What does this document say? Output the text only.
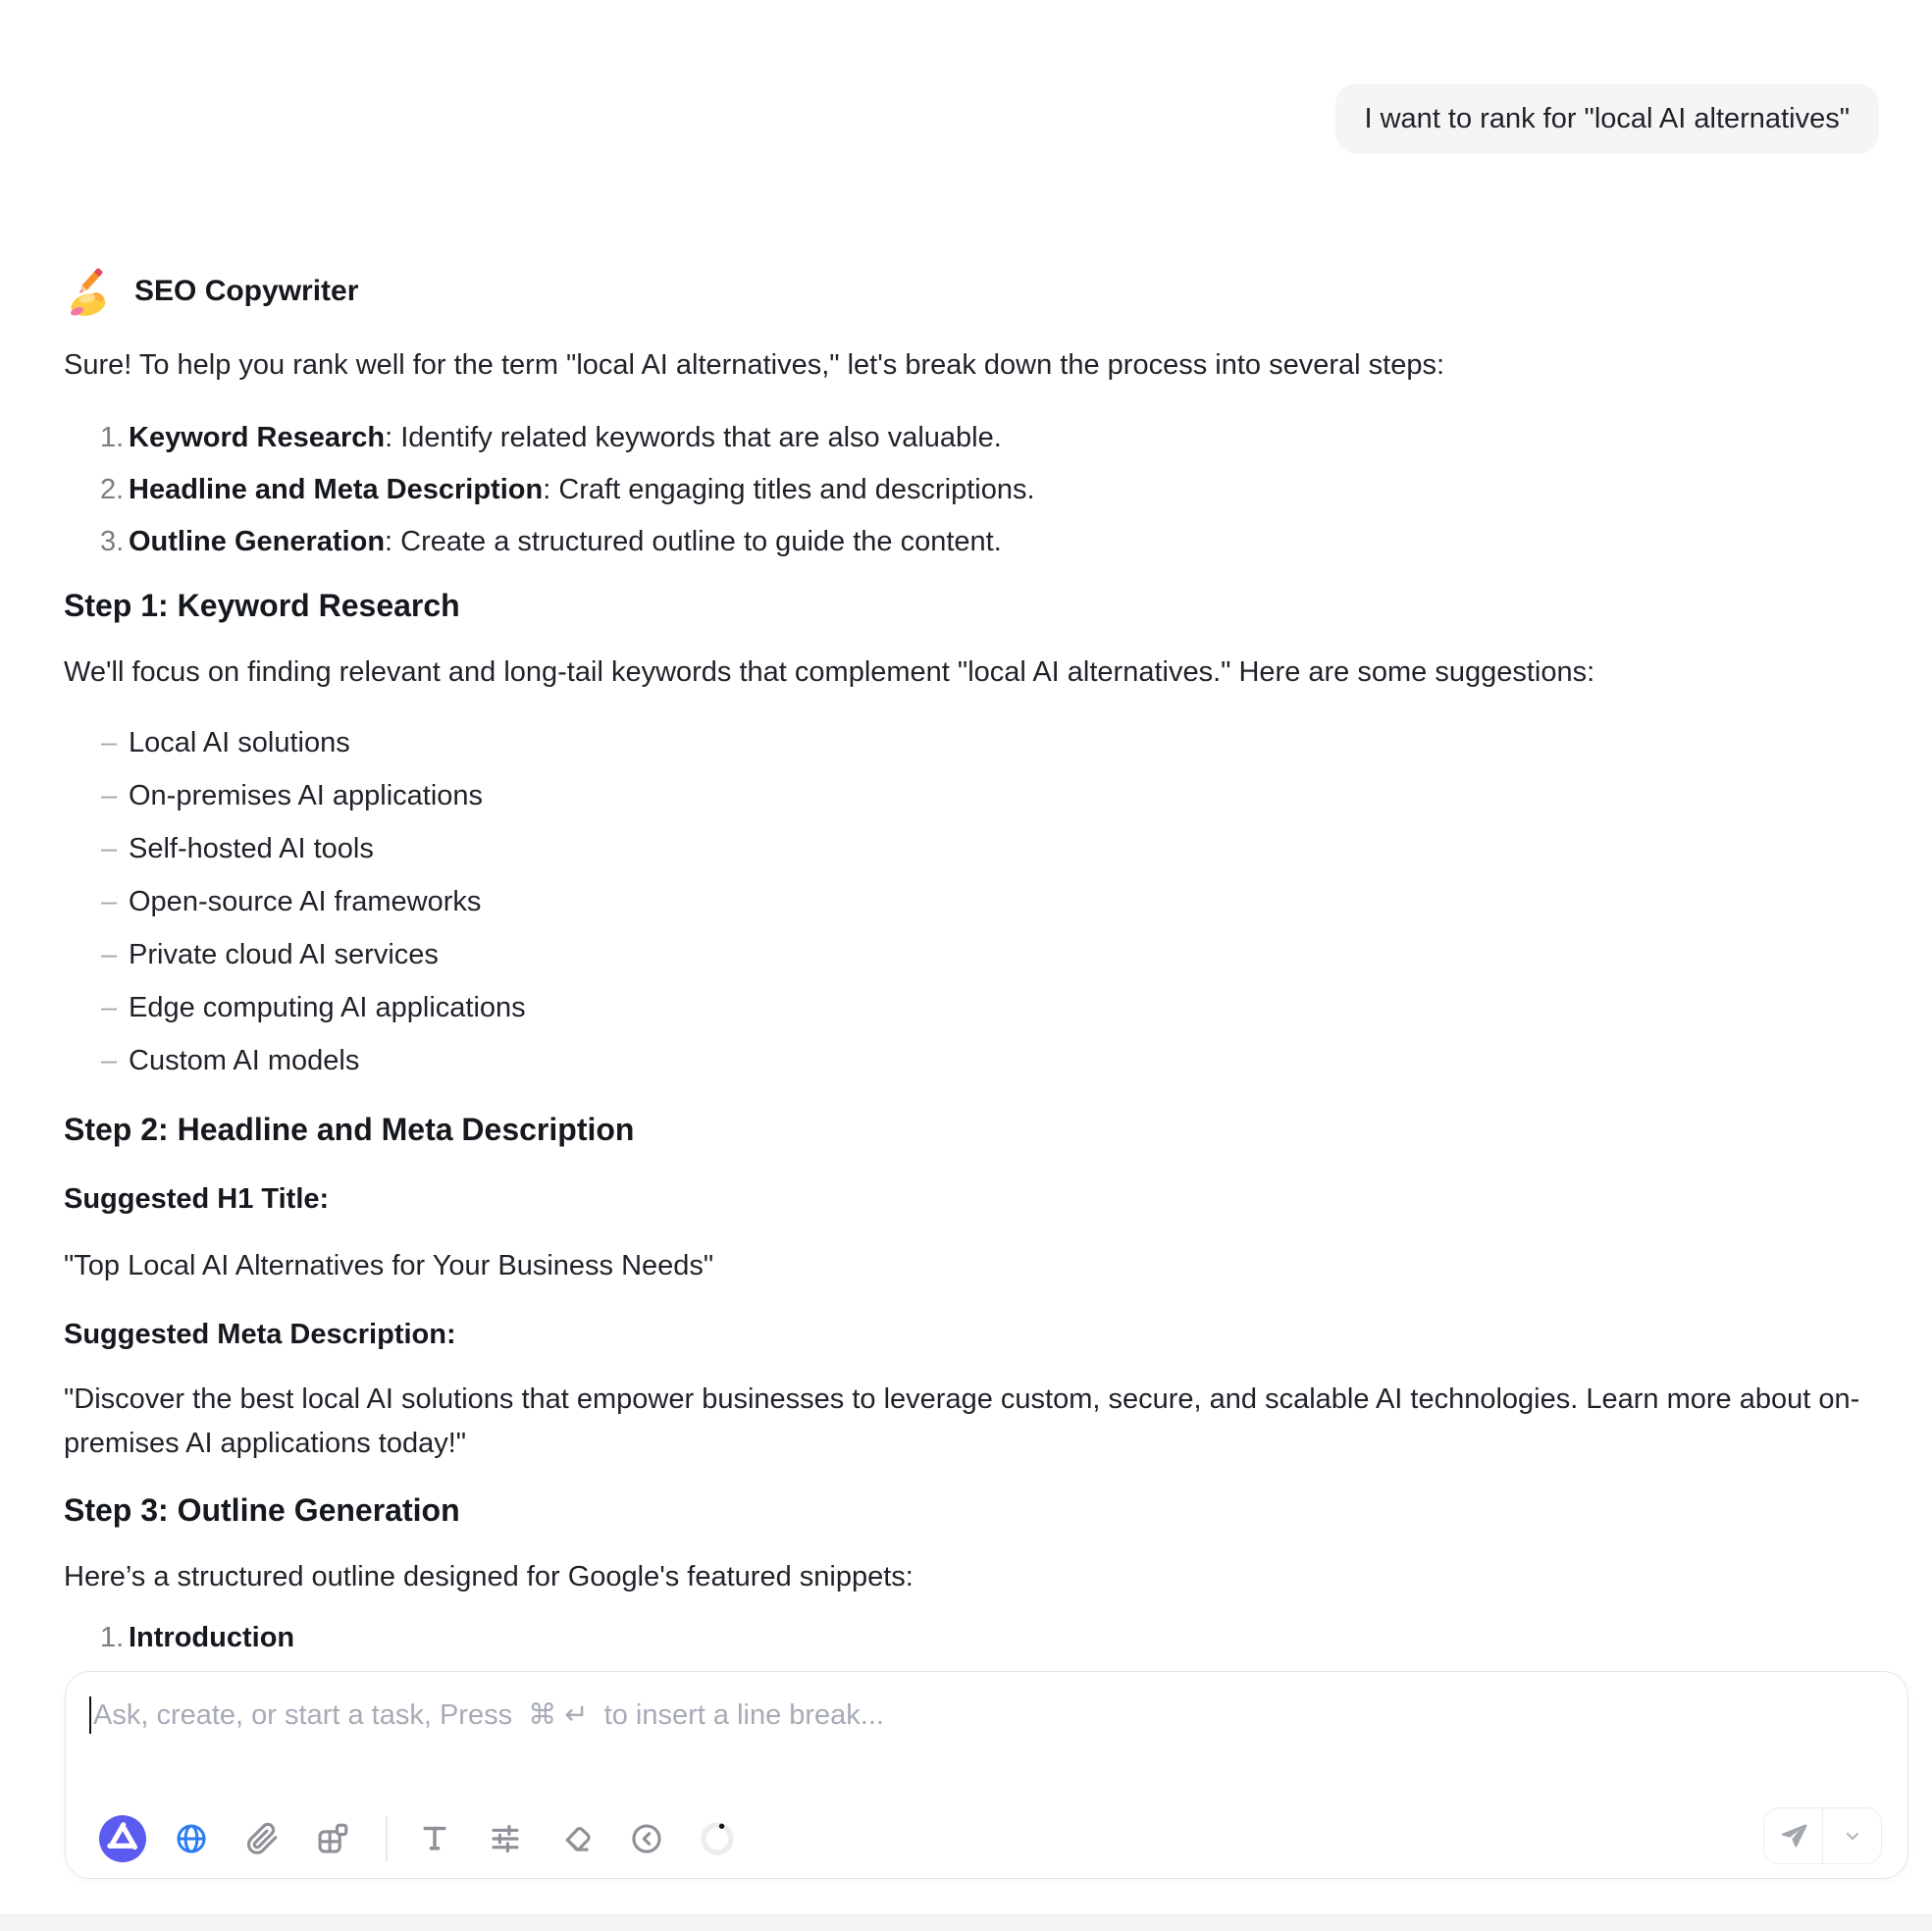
I want to rank for "local AI alternatives"
SEO Copywriter

Sure! To help you rank well for the term "local AI alternatives," let's break down the process into several steps:

1. Keyword Research: Identify related keywords that are also valuable.
2. Headline and Meta Description: Craft engaging titles and descriptions.
3. Outline Generation: Create a structured outline to guide the content.
Step 1: Keyword Research

We'll focus on finding relevant and long-tail keywords that complement "local AI alternatives." Here are some suggestions:

– Local AI solutions
– On-premises AI applications
– Self-hosted AI tools
– Open-source AI frameworks
– Private cloud AI services
– Edge computing AI applications
– Custom AI models
Step 2: Headline and Meta Description
Suggested H1 Title:

"Top Local AI Alternatives for Your Business Needs"

Suggested Meta Description:

"Discover the best local AI solutions that empower businesses to leverage custom, secure, and scalable AI technologies. Learn more about on-premises AI applications today!"

Step 3: Outline Generation

Here’s a structured outline designed for Google's featured snippets:

1. Introduction
Ask, create, or start a task, Press  ⌘ ↵  to insert a line break...
